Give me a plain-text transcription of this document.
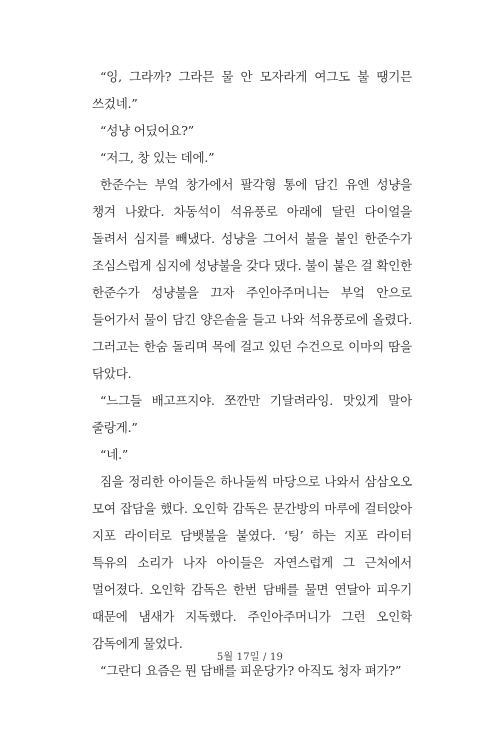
“잉, 그라까? 그라믄 물 안 모자라게 여그도 불 땡기믄 쓰겄네.”

“성냥 어딨어요?”

“저그, 창 있는 데에.”

한준수는 부엌 창가에서 팔각형 통에 담긴 유엔 성냥을 챙겨 나왔다. 차동석이 석유풍로 아래에 달린 다이얼을 돌려서 심지를 빼냈다. 성냥을 그어서 불을 붙인 한준수가 조심스럽게 심지에 성냥불을 갖다 댔다. 불이 붙은 걸 확인한 한준수가 성냥불을 끄자 주인아주머니는 부엌 안으로 들어가서 물이 담긴 양은솥을 들고 나와 석유풍로에 올렸다. 그러고는 한숨 돌리며 목에 걸고 있던 수건으로 이마의 땀을 닦았다.

“느그들 배고프지야. 쪼깐만 기달려라잉. 맛있게 말아 줄랑게.”

“네.”

짐을 정리한 아이들은 하나둘씩 마당으로 나와서 삼삼오오 모여 잡담을 했다. 오인학 감독은 문간방의 마루에 걸터앉아 지포 라이터로 담뱃불을 붙였다. ‘팅’ 하는 지포 라이터 특유의 소리가 나자 아이들은 자연스럽게 그 근처에서 멀어졌다. 오인학 감독은 한번 담배를 물면 연달아 피우기 때문에 냄새가 지독했다. 주인아주머니가 그런 오인학 감독에게 물었다.

“그란디 요즘은 뭔 담배를 피운당가? 아직도 청자 펴가?”

5월 17일 / 19
